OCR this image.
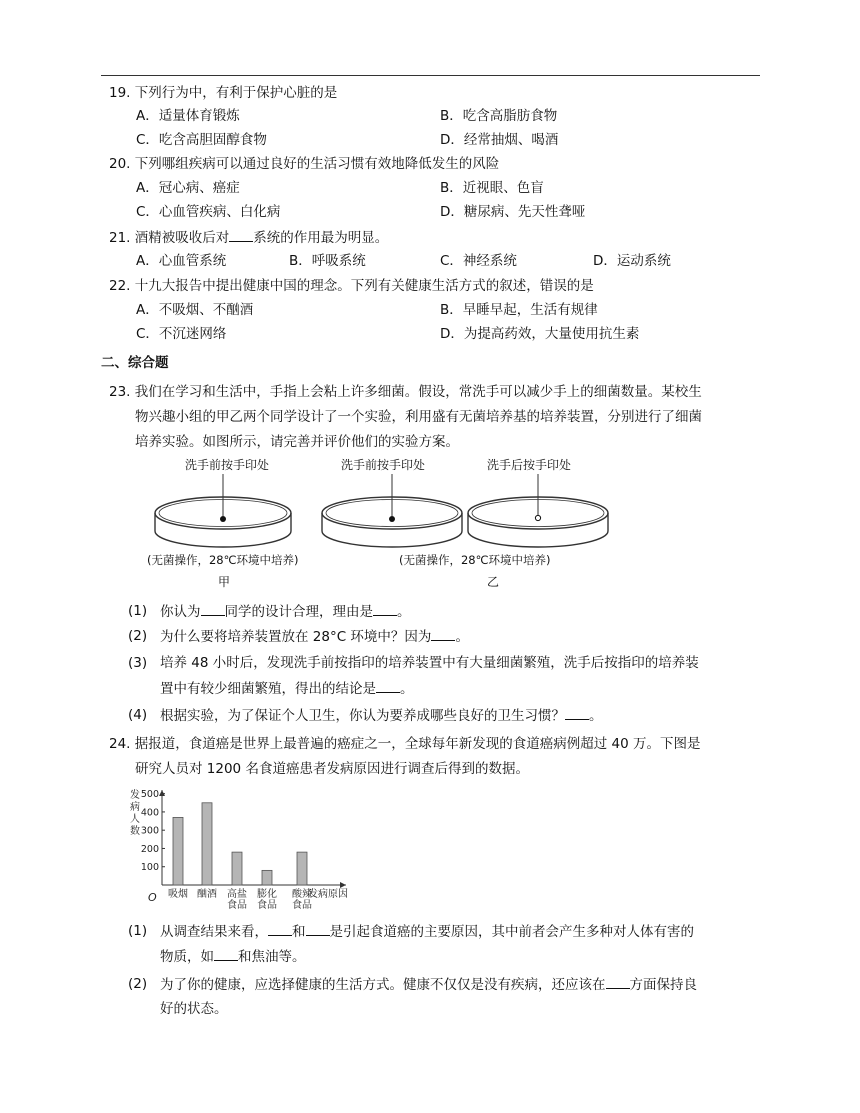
19. 下列行为中，有利于保护心脏的是
A．适量体育锻炼	B．吃含高脂肪食物
C．吃含高胆固醇食物	D．经常抽烟、喝酒
20. 下列哪组疾病可以通过良好的生活习惯有效地降低发生的风险
A．冠心病、癌症	B．近视眼、色盲
C．心血管疾病、白化病	D．糖尿病、先天性聋哑
21. 酒精被吸收后对 系统的作用最为明显。
A．心血管系统	B．呼吸系统	C．神经系统	D．运动系统
22. 十九大报告中提出健康中国的理念。下列有关健康生活方式的叙述，错误的是
A．不吸烟、不酗酒	B．早睡早起，生活有规律
C．不沉迷网络	D．为提高药效，大量使用抗生素
二、综合题
23. 我们在学习和生活中，手指上会粘上许多细菌。假设，常洗手可以减少手上的细菌数量。某校生
物兴趣小组的甲乙两个同学设计了一个实验，利用盛有无菌培养基的培养装置，分别进行了细菌
培养实验。如图所示，请完善并评价他们的实验方案。
洗手前按手印处	洗手前按手印处	洗手后按手印处
(无菌操作，28℃环境中培养)	(无菌操作，28℃环境中培养)
甲	乙
(1) 你认为 同学的设计合理，理由是 。
(2) 为什么要将培养装置放在 28°C 环境中？因为 。
(3) 培养 48 小时后，发现洗手前按指印的培养装置中有大量细菌繁殖，洗手后按指印的培养装
置中有较少细菌繁殖，得出的结论是 。
(4) 根据实验，为了保证个人卫生，你认为要养成哪些良好的卫生习惯？ 。
24. 据报道，食道癌是世界上最普遍的癌症之一，全球每年新发现的食道癌病例超过 40 万。下图是
研究人员对 1200 名食道癌患者发病原因进行调查后得到的数据。
O
100
200
300
400
500
发
病
人
数
吸烟 酗酒 高盐
食品
膨化
食品
酸辣
食品
发病原因
(1) 从调查结果来看， 和 是引起食道癌的主要原因，其中前者会产生多种对人体有害的
物质，如 和焦油等。
(2) 为了你的健康，应选择健康的生活方式。健康不仅仅是没有疾病，还应该在 方面保持良
好的状态。
